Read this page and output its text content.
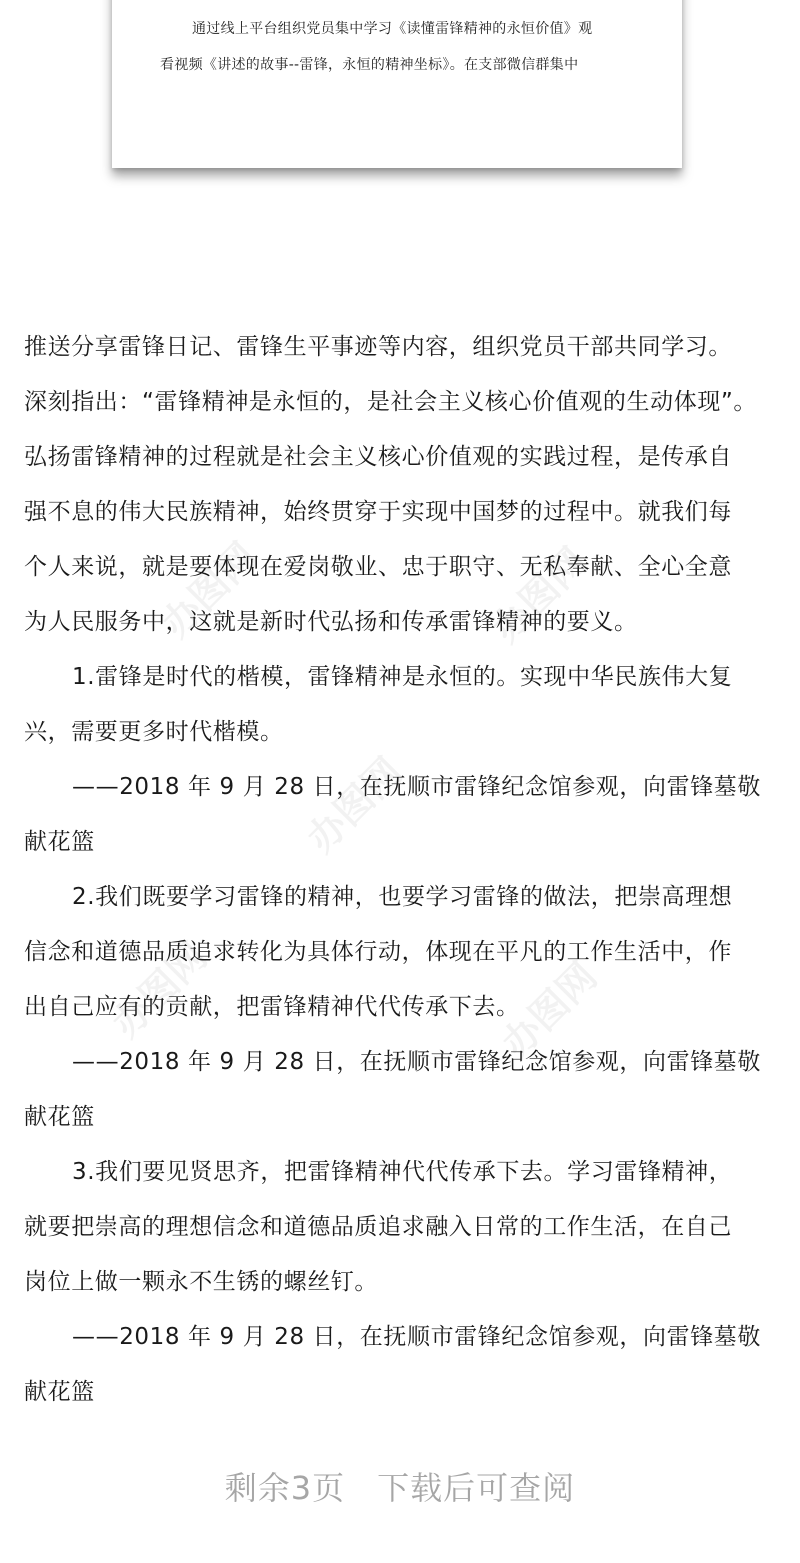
通过线上平台组织党员集中学习《读懂雷锋精神的永恒价值》观
看视频《讲述的故事--雷锋，永恒的精神坐标》。在支部微信群集中
办图网	办图网
办图网
办图网	办图网
推送分享雷锋日记、雷锋生平事迹等内容，组织党员干部共同学习。
深刻指出：“雷锋精神是永恒的，是社会主义核心价值观的生动体现”。
弘扬雷锋精神的过程就是社会主义核心价值观的实践过程，是传承自
强不息的伟大民族精神，始终贯穿于实现中国梦的过程中。就我们每
个人来说，就是要体现在爱岗敬业、忠于职守、无私奉献、全心全意
为人民服务中，这就是新时代弘扬和传承雷锋精神的要义。
1.雷锋是时代的楷模，雷锋精神是永恒的。实现中华民族伟大复
兴，需要更多时代楷模。
——2018 年 9 月 28 日，在抚顺市雷锋纪念馆参观，向雷锋墓敬
献花篮
2.我们既要学习雷锋的精神，也要学习雷锋的做法，把崇高理想
信念和道德品质追求转化为具体行动，体现在平凡的工作生活中，作
出自己应有的贡献，把雷锋精神代代传承下去。
——2018 年 9 月 28 日，在抚顺市雷锋纪念馆参观，向雷锋墓敬
献花篮
3.我们要见贤思齐，把雷锋精神代代传承下去。学习雷锋精神，
就要把崇高的理想信念和道德品质追求融入日常的工作生活，在自己
岗位上做一颗永不生锈的螺丝钉。
——2018 年 9 月 28 日，在抚顺市雷锋纪念馆参观，向雷锋墓敬
献花篮
剩余3页 下载后可查阅
